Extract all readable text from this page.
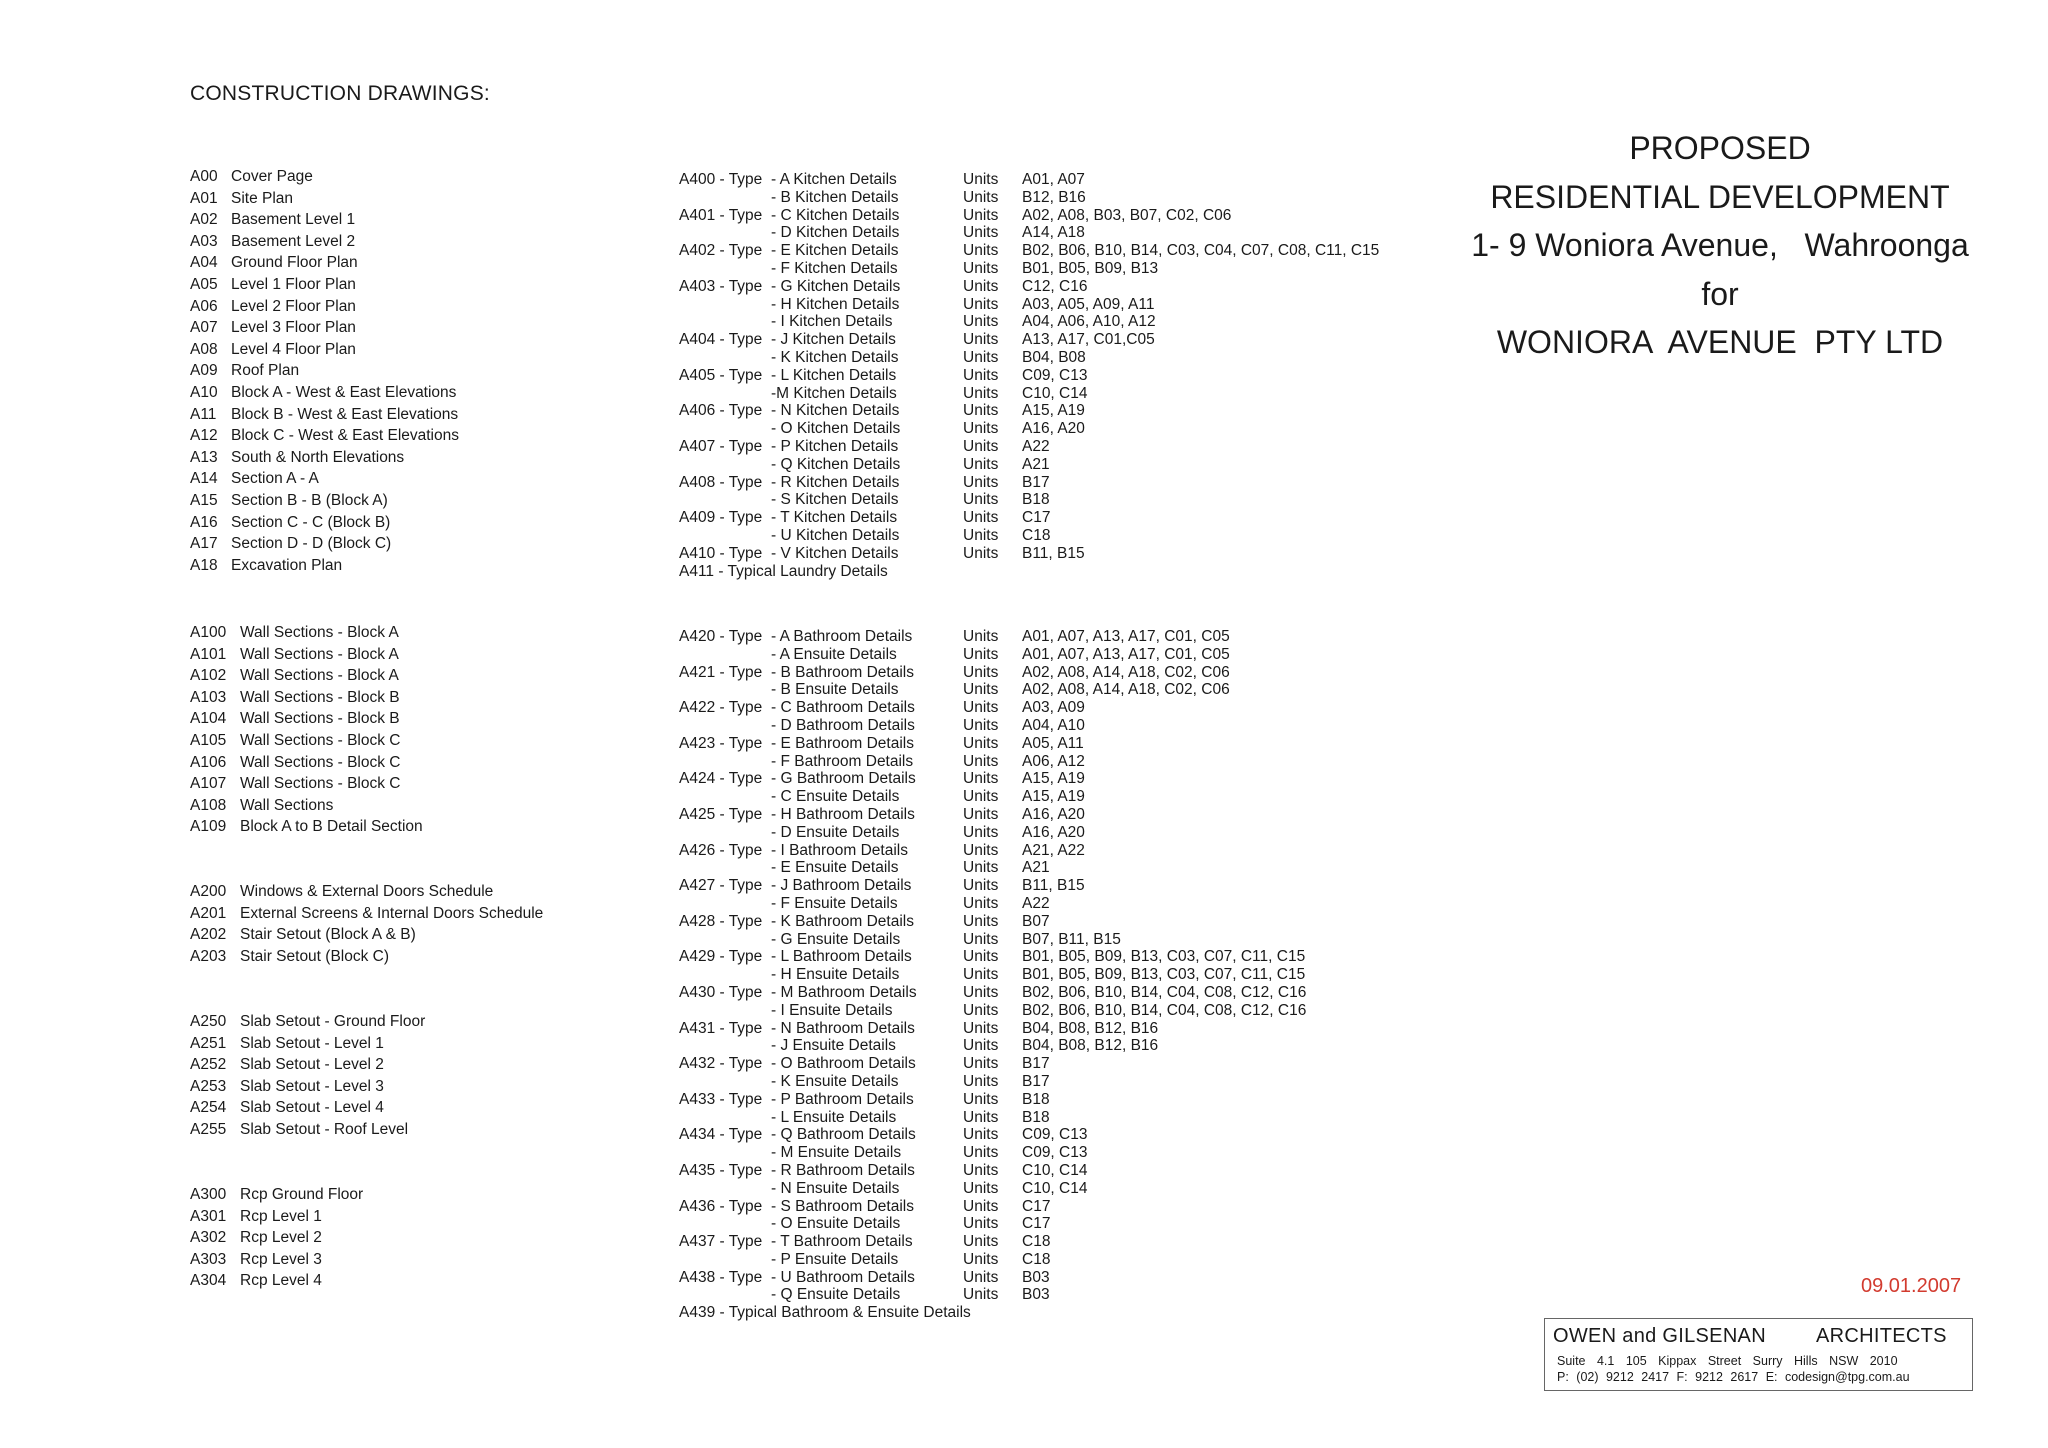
CONSTRUCTION DRAWINGS:
A00 Cover Page
A01 Site Plan
A02 Basement Level 1
A03 Basement Level 2
A04 Ground Floor Plan
A05 Level 1 Floor Plan
A06 Level 2 Floor Plan
A07 Level 3 Floor Plan
A08 Level 4 Floor Plan
A09 Roof Plan
A10 Block A - West & East Elevations
A11 Block B - West & East Elevations
A12 Block C - West & East Elevations
A13 South & North Elevations
A14 Section A - A
A15 Section B - B (Block A)
A16 Section C - C (Block B)
A17 Section D - D (Block C)
A18 Excavation Plan
A100 Wall Sections - Block A
A101 Wall Sections - Block A
A102 Wall Sections - Block A
A103 Wall Sections - Block B
A104 Wall Sections - Block B
A105 Wall Sections - Block C
A106 Wall Sections - Block C
A107 Wall Sections - Block C
A108 Wall Sections
A109 Block A to B Detail Section
A200 Windows & External Doors Schedule
A201 External Screens & Internal Doors Schedule
A202 Stair Setout (Block A & B)
A203 Stair Setout (Block C)
A250 Slab Setout - Ground Floor
A251 Slab Setout - Level 1
A252 Slab Setout - Level 2
A253 Slab Setout - Level 3
A254 Slab Setout - Level 4
A255 Slab Setout - Roof Level
A300 Rcp Ground Floor
A301 Rcp Level 1
A302 Rcp Level 2
A303 Rcp Level 3
A304 Rcp Level 4
A400 - Type - A Kitchen Details	Units A01, A07
- B Kitchen Details	Units B12, B16
A401 - Type - C Kitchen Details	Units A02, A08, B03, B07, C02, C06
- D Kitchen Details	Units A14, A18
A402 - Type - E Kitchen Details	Units B02, B06, B10, B14, C03, C04, C07, C08, C11, C15
- F Kitchen Details	Units B01, B05, B09, B13
A403 - Type - G Kitchen Details	Units C12, C16
- H Kitchen Details	Units A03, A05, A09, A11
- I Kitchen Details	Units A04, A06, A10, A12
A404 - Type - J Kitchen Details	Units A13, A17, C01,C05
- K Kitchen Details	Units B04, B08
A405 - Type - L Kitchen Details	Units C09, C13
-M Kitchen Details	Units C10, C14
A406 - Type - N Kitchen Details	Units A15, A19
- O Kitchen Details	Units A16, A20
A407 - Type - P Kitchen Details	Units A22
- Q Kitchen Details	Units A21
A408 - Type - R Kitchen Details	Units B17
- S Kitchen Details	Units B18
A409 - Type - T Kitchen Details	Units C17
- U Kitchen Details	Units C18
A410 - Type - V Kitchen Details	Units B11, B15
A411 - Typical Laundry Details
A420 - Type - A Bathroom Details	Units A01, A07, A13, A17, C01, C05
- A Ensuite Details	Units A01, A07, A13, A17, C01, C05
A421 - Type - B Bathroom Details	Units A02, A08, A14, A18, C02, C06
- B Ensuite Details	Units A02, A08, A14, A18, C02, C06
A422 - Type - C Bathroom Details	Units A03, A09
- D Bathroom Details	Units A04, A10
A423 - Type - E Bathroom Details	Units A05, A11
- F Bathroom Details	Units A06, A12
A424 - Type - G Bathroom Details	Units A15, A19
- C Ensuite Details	Units A15, A19
A425 - Type - H Bathroom Details	Units A16, A20
- D Ensuite Details	Units A16, A20
A426 - Type - I Bathroom Details	Units A21, A22
- E Ensuite Details	Units A21
A427 - Type - J Bathroom Details	Units B11, B15
- F Ensuite Details	Units A22
A428 - Type - K Bathroom Details	Units B07
- G Ensuite Details	Units B07, B11, B15
A429 - Type - L Bathroom Details	Units B01, B05, B09, B13, C03, C07, C11, C15
- H Ensuite Details	Units B01, B05, B09, B13, C03, C07, C11, C15
A430 - Type - M Bathroom Details	Units B02, B06, B10, B14, C04, C08, C12, C16
- I Ensuite Details	Units B02, B06, B10, B14, C04, C08, C12, C16
A431 - Type - N Bathroom Details	Units B04, B08, B12, B16
- J Ensuite Details	Units B04, B08, B12, B16
A432 - Type - O Bathroom Details	Units B17
- K Ensuite Details	Units B17
A433 - Type - P Bathroom Details	Units B18
- L Ensuite Details	Units B18
A434 - Type - Q Bathroom Details	Units C09, C13
- M Ensuite Details	Units C09, C13
A435 - Type - R Bathroom Details	Units C10, C14
- N Ensuite Details	Units C10, C14
A436 - Type - S Bathroom Details	Units C17
- O Ensuite Details	Units C17
A437 - Type - T Bathroom Details	Units C18
- P Ensuite Details	Units C18
A438 - Type - U Bathroom Details	Units B03
- Q Ensuite Details	Units B03
A439 - Typical Bathroom & Ensuite Details
PROPOSED
RESIDENTIAL DEVELOPMENT
1- 9 Woniora Avenue,   Wahroonga
for
WONIORA  AVENUE  PTY LTD
09.01.2007
OWEN and GILSENAN	ARCHITECTS
Suite 4.1 105 Kippax Street Surry Hills NSW 2010
P: (02) 9212 2417 F: 9212 2617 E: codesign@tpg.com.au
